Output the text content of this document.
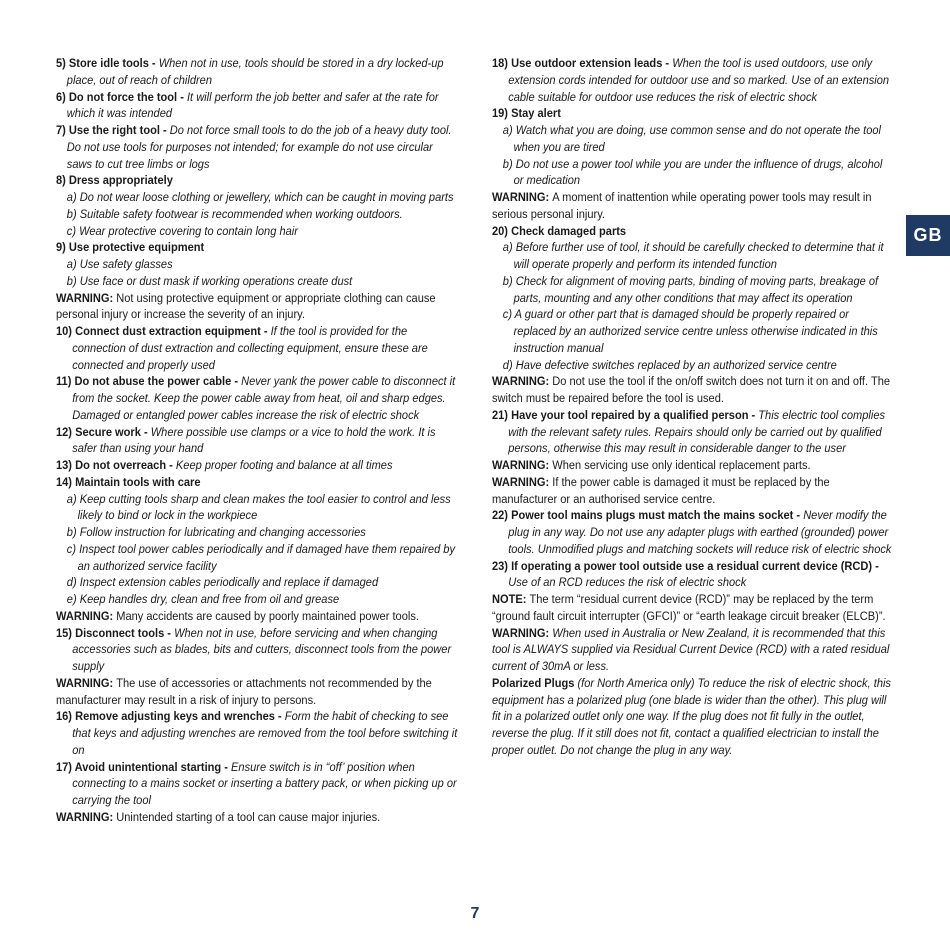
5) Store idle tools - When not in use, tools should be stored in a dry locked-up place, out of reach of children

6) Do not force the tool - It will perform the job better and safer at the rate for which it was intended

7) Use the right tool - Do not force small tools to do the job of a heavy duty tool. Do not use tools for purposes not intended; for example do not use circular saws to cut tree limbs or logs

8) Dress appropriately

a) Do not wear loose clothing or jewellery, which can be caught in moving parts

b) Suitable safety footwear is recommended when working outdoors.

c) Wear protective covering to contain long hair

9) Use protective equipment

a) Use safety glasses

b) Use face or dust mask if working operations create dust

WARNING: Not using protective equipment or appropriate clothing can cause personal injury or increase the severity of an injury.

10) Connect dust extraction equipment - If the tool is provided for the connection of dust extraction and collecting equipment, ensure these are connected and properly used

11) Do not abuse the power cable - Never yank the power cable to disconnect it from the socket. Keep the power cable away from heat, oil and sharp edges. Damaged or entangled power cables increase the risk of electric shock

12) Secure work - Where possible use clamps or a vice to hold the work. It is safer than using your hand

13) Do not overreach - Keep proper footing and balance at all times

14) Maintain tools with care

a) Keep cutting tools sharp and clean makes the tool easier to control and less likely to bind or lock in the workpiece

b) Follow instruction for lubricating and changing accessories

c) Inspect tool power cables periodically and if damaged have them repaired by an authorized service facility

d) Inspect extension cables periodically and replace if damaged

e) Keep handles dry, clean and free from oil and grease

WARNING: Many accidents are caused by poorly maintained power tools.

15) Disconnect tools - When not in use, before servicing and when changing accessories such as blades, bits and cutters, disconnect tools from the power supply

WARNING: The use of accessories or attachments not recommended by the manufacturer may result in a risk of injury to persons.

16) Remove adjusting keys and wrenches - Form the habit of checking to see that keys and adjusting wrenches are removed from the tool before switching it on

17) Avoid unintentional starting - Ensure switch is in “off’ position when connecting to a mains socket or inserting a battery pack, or when picking up or carrying the tool

WARNING: Unintended starting of a tool can cause major injuries.

18) Use outdoor extension leads - When the tool is used outdoors, use only extension cords intended for outdoor use and so marked. Use of an extension cable suitable for outdoor use reduces the risk of electric shock

19) Stay alert

a) Watch what you are doing, use common sense and do not operate the tool when you are tired

b) Do not use a power tool while you are under the influence of drugs, alcohol or medication

WARNING: A moment of inattention while operating power tools may result in serious personal injury.

20) Check damaged parts

a) Before further use of tool, it should be carefully checked to determine that it will operate properly and perform its intended function

b) Check for alignment of moving parts, binding of moving parts, breakage of parts, mounting and any other conditions that may affect its operation

c) A guard or other part that is damaged should be properly repaired or replaced by an authorized service centre unless otherwise indicated in this instruction manual

d) Have defective switches replaced by an authorized service centre

WARNING: Do not use the tool if the on/off switch does not turn it on and off. The switch must be repaired before the tool is used.

21) Have your tool repaired by a qualified person - This electric tool complies with the relevant safety rules. Repairs should only be carried out by qualified persons, otherwise this may result in considerable danger to the user

WARNING: When servicing use only identical replacement parts.

WARNING: If the power cable is damaged it must be replaced by the manufacturer or an authorised service centre.

22) Power tool mains plugs must match the mains socket - Never modify the plug in any way. Do not use any adapter plugs with earthed (grounded) power tools. Unmodified plugs and matching sockets will reduce risk of electric shock

23) If operating a power tool outside use a residual current device (RCD) - Use of an RCD reduces the risk of electric shock

NOTE: The term “residual current device (RCD)” may be replaced by the term “ground fault circuit interrupter (GFCI)” or “earth leakage circuit breaker (ELCB)”.

WARNING: When used in Australia or New Zealand, it is recommended that this tool is ALWAYS supplied via Residual Current Device (RCD) with a rated residual current of 30mA or less.

Polarized Plugs (for North America only) To reduce the risk of electric shock, this equipment has a polarized plug (one blade is wider than the other). This plug will fit in a polarized outlet only one way. If the plug does not fit fully in the outlet, reverse the plug. If it still does not fit, contact a qualified electrician to install the proper outlet. Do not change the plug in any way.

GB
7
